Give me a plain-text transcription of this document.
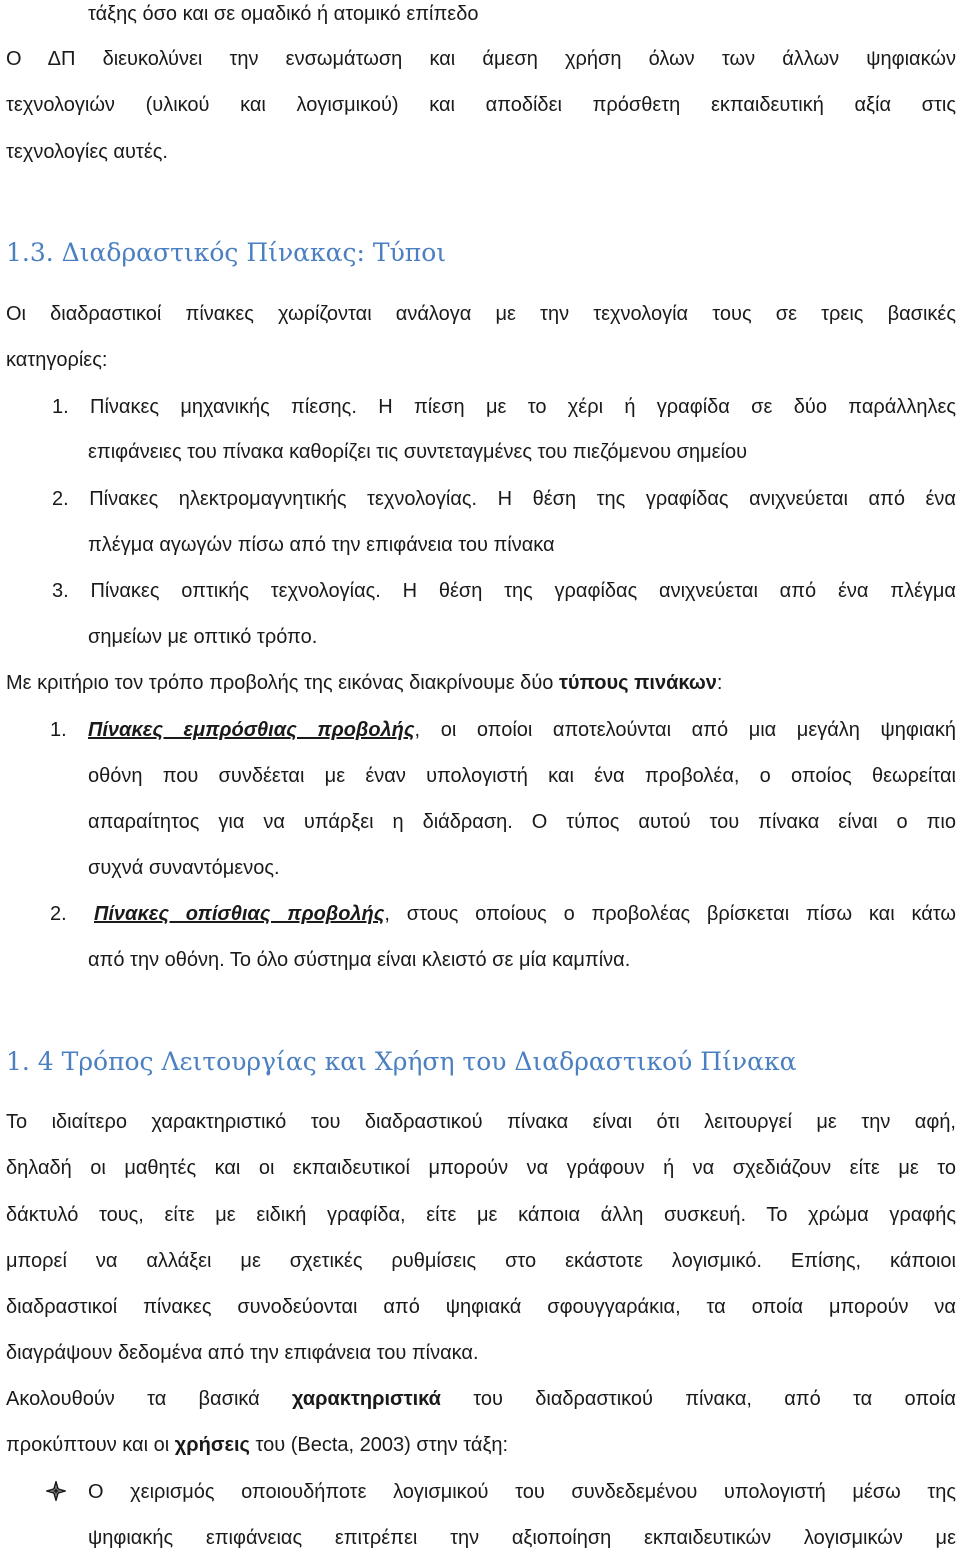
τάξης όσο και σε ομαδικό ή ατομικό επίπεδο
Ο ΔΠ διευκολύνει την ενσωμάτωση και άμεση χρήση όλων των άλλων ψηφιακών
τεχνολογιών (υλικού και λογισμικού) και αποδίδει πρόσθετη εκπαιδευτική αξία στις
τεχνολογίες αυτές.
1.3. Διαδραστικός Πίνακας: Τύποι
Οι διαδραστικοί πίνακες χωρίζονται ανάλογα με την τεχνολογία τους σε τρεις βασικές
κατηγορίες:
1. Πίνακες μηχανικής πίεσης. Η πίεση με το χέρι ή γραφίδα σε δύο παράλληλες
επιφάνειες του πίνακα καθορίζει τις συντεταγμένες του πιεζόμενου σημείου
2. Πίνακες ηλεκτρομαγνητικής τεχνολογίας. Η θέση της γραφίδας ανιχνεύεται από ένα
πλέγμα αγωγών πίσω από την επιφάνεια του πίνακα
3. Πίνακες οπτικής τεχνολογίας. Η θέση της γραφίδας ανιχνεύεται από ένα πλέγμα
σημείων με οπτικό τρόπο.
Με κριτήριο τον τρόπο προβολής της εικόνας διακρίνουμε δύο τύπους πινάκων:
1. Πίνακες εμπρόσθιας προβολής, οι οποίοι αποτελούνται από μια μεγάλη ψηφιακή
οθόνη που συνδέεται με έναν υπολογιστή και ένα προβολέα, ο οποίος θεωρείται
απαραίτητος για να υπάρξει η διάδραση. Ο τύπος αυτού του πίνακα είναι ο πιο
συχνά συναντόμενος.
2. Πίνακες οπίσθιας προβολής, στους οποίους ο προβολέας βρίσκεται πίσω και κάτω
από την οθόνη. Το όλο σύστημα είναι κλειστό σε μία καμπίνα.
1. 4 Τρόπος Λειτουργίας και Χρήση του Διαδραστικού Πίνακα
Το ιδιαίτερο χαρακτηριστικό του διαδραστικού πίνακα είναι ότι λειτουργεί με την αφή,
δηλαδή οι μαθητές και οι εκπαιδευτικοί μπορούν να γράφουν ή να σχεδιάζουν είτε με το
δάκτυλό τους, είτε με ειδική γραφίδα, είτε με κάποια άλλη συσκευή. Το χρώμα γραφής
μπορεί να αλλάξει με σχετικές ρυθμίσεις στο εκάστοτε λογισμικό. Επίσης, κάποιοι
διαδραστικοί πίνακες συνοδεύονται από ψηφιακά σφουγγαράκια, τα οποία μπορούν να
διαγράψουν δεδομένα από την επιφάνεια του πίνακα.
Ακολουθούν τα βασικά χαρακτηριστικά του διαδραστικού πίνακα, από τα οποία
προκύπτουν και οι χρήσεις του (Becta, 2003) στην τάξη:
Ο χειρισμός οποιουδήποτε λογισμικού του συνδεδεμένου υπολογιστή μέσω της
ψηφιακής επιφάνειας επιτρέπει την αξιοποίηση εκπαιδευτικών λογισμικών με
